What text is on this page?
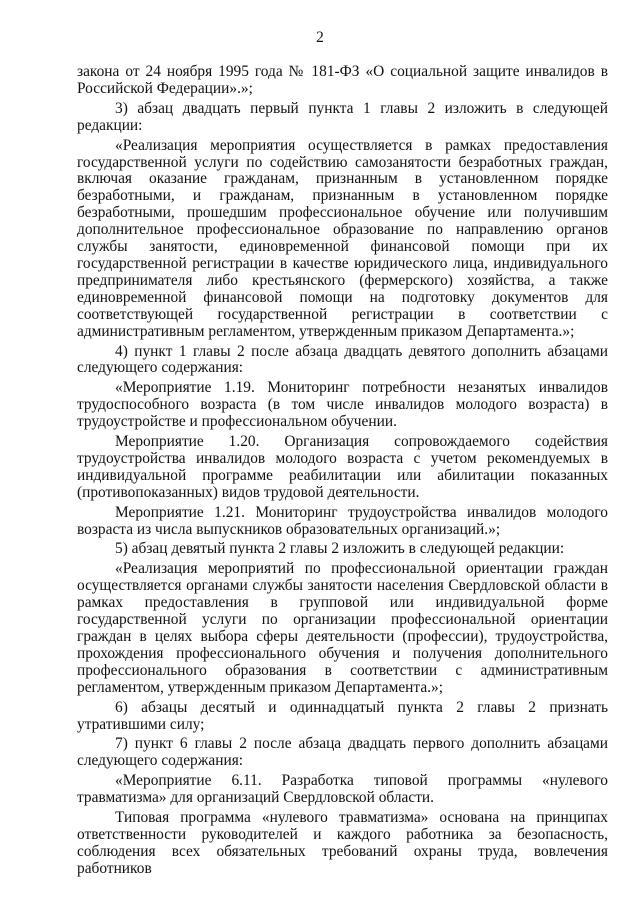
2

закона от 24 ноября 1995 года № 181-ФЗ «О социальной защите инвалидов в Российской Федерации».»;

3) абзац двадцать первый пункта 1 главы 2 изложить в следующей редакции:

«Реализация мероприятия осуществляется в рамках предоставления государственной услуги по содействию самозанятости безработных граждан, включая оказание гражданам, признанным в установленном порядке безработными, и гражданам, признанным в установленном порядке безработными, прошедшим профессиональное обучение или получившим дополнительное профессиональное образование по направлению органов службы занятости, единовременной финансовой помощи при их государственной регистрации в качестве юридического лица, индивидуального предпринимателя либо крестьянского (фермерского) хозяйства, а также единовременной финансовой помощи на подготовку документов для соответствующей государственной регистрации в соответствии с административным регламентом, утвержденным приказом Департамента.»;

4) пункт 1 главы 2 после абзаца двадцать девятого дополнить абзацами следующего содержания:

«Мероприятие 1.19. Мониторинг потребности незанятых инвалидов трудоспособного возраста (в том числе инвалидов молодого возраста) в трудоустройстве и профессиональном обучении.

Мероприятие 1.20. Организация сопровождаемого содействия трудоустройства инвалидов молодого возраста с учетом рекомендуемых в индивидуальной программе реабилитации или абилитации показанных (противопоказанных) видов трудовой деятельности.

Мероприятие 1.21. Мониторинг трудоустройства инвалидов молодого возраста из числа выпускников образовательных организаций.»;

5) абзац девятый пункта 2 главы 2 изложить в следующей редакции:

«Реализация мероприятий по профессиональной ориентации граждан осуществляется органами службы занятости населения Свердловской области в рамках предоставления в групповой или индивидуальной форме государственной услуги по организации профессиональной ориентации граждан в целях выбора сферы деятельности (профессии), трудоустройства, прохождения профессионального обучения и получения дополнительного профессионального образования в соответствии с административным регламентом, утвержденным приказом Департамента.»;

6) абзацы десятый и одиннадцатый пункта 2 главы 2 признать утратившими силу;

7) пункт 6 главы 2 после абзаца двадцать первого дополнить абзацами следующего содержания:

«Мероприятие 6.11. Разработка типовой программы «нулевого травматизма» для организаций Свердловской области.

Типовая программа «нулевого травматизма» основана на принципах ответственности руководителей и каждого работника за безопасность, соблюдения всех обязательных требований охраны труда, вовлечения работников
